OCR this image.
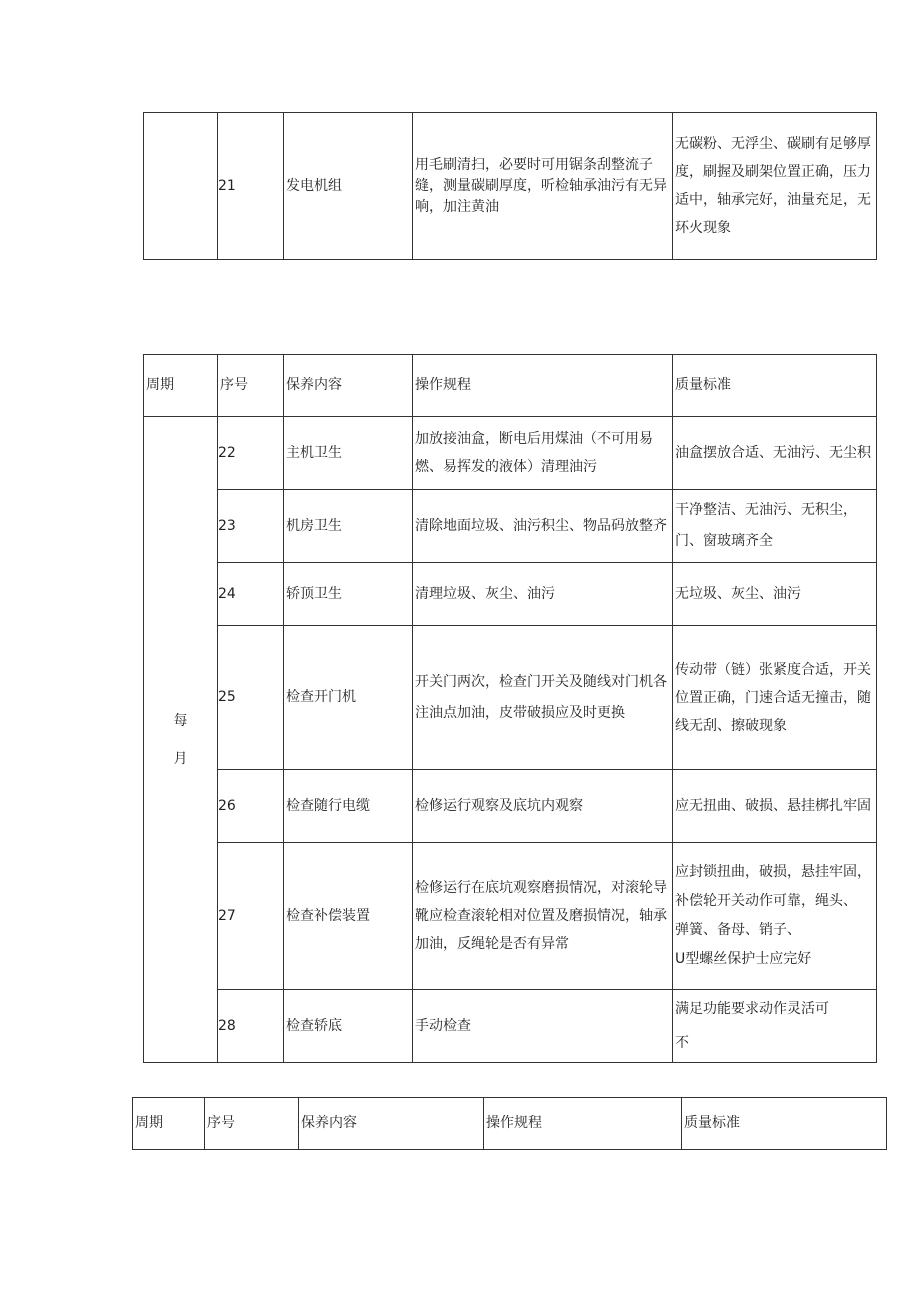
	21	发电机组	用毛刷清扫，必要时可用锯条刮整流子缝，测量碳刷厚度，听检轴承油污有无异响，加注黄油	无碳粉、无浮尘、碳刷有足够厚度，刷握及刷架位置正确，压力适中，轴承完好，油量充足，无环火现象
周期	序号	保养内容	操作规程	质量标准

每
月	22	主机卫生	加放接油盒，断电后用煤油（不可用易燃、易挥发的液体）清理油污	油盒摆放合适、无油污、无尘积
	23	机房卫生	清除地面垃圾、油污积尘、物品码放整齐	干净整洁、无油污、无积尘，门、窗玻璃齐全
	24	轿顶卫生	清理垃圾、灰尘、油污	无垃圾、灰尘、油污
	25	检查开门机	开关门两次，检查门开关及随线对门机各注油点加油，皮带破损应及时更换	传动带（链）张紧度合适，开关位置正确，门速合适无撞击，随线无刮、擦破现象
	26	检查随行电缆	检修运行观察及底坑内观察	应无扭曲、破损、悬挂梆扎牢固
	27	检查补偿装置	检修运行在底坑观察磨损情况，对滚轮导靴应检查滚轮相对位置及磨损情况，轴承加油，反绳轮是否有异常	应封锁扭曲，破损，悬挂牢固，
补偿轮开关动作可靠，绳头、
弹簧、备母、销子、
U型螺丝保护士应完好

	28	检查轿底	手动检查	满足功能要求动作灵活可
不
周期	序号	保养内容	操作规程	质量标准
